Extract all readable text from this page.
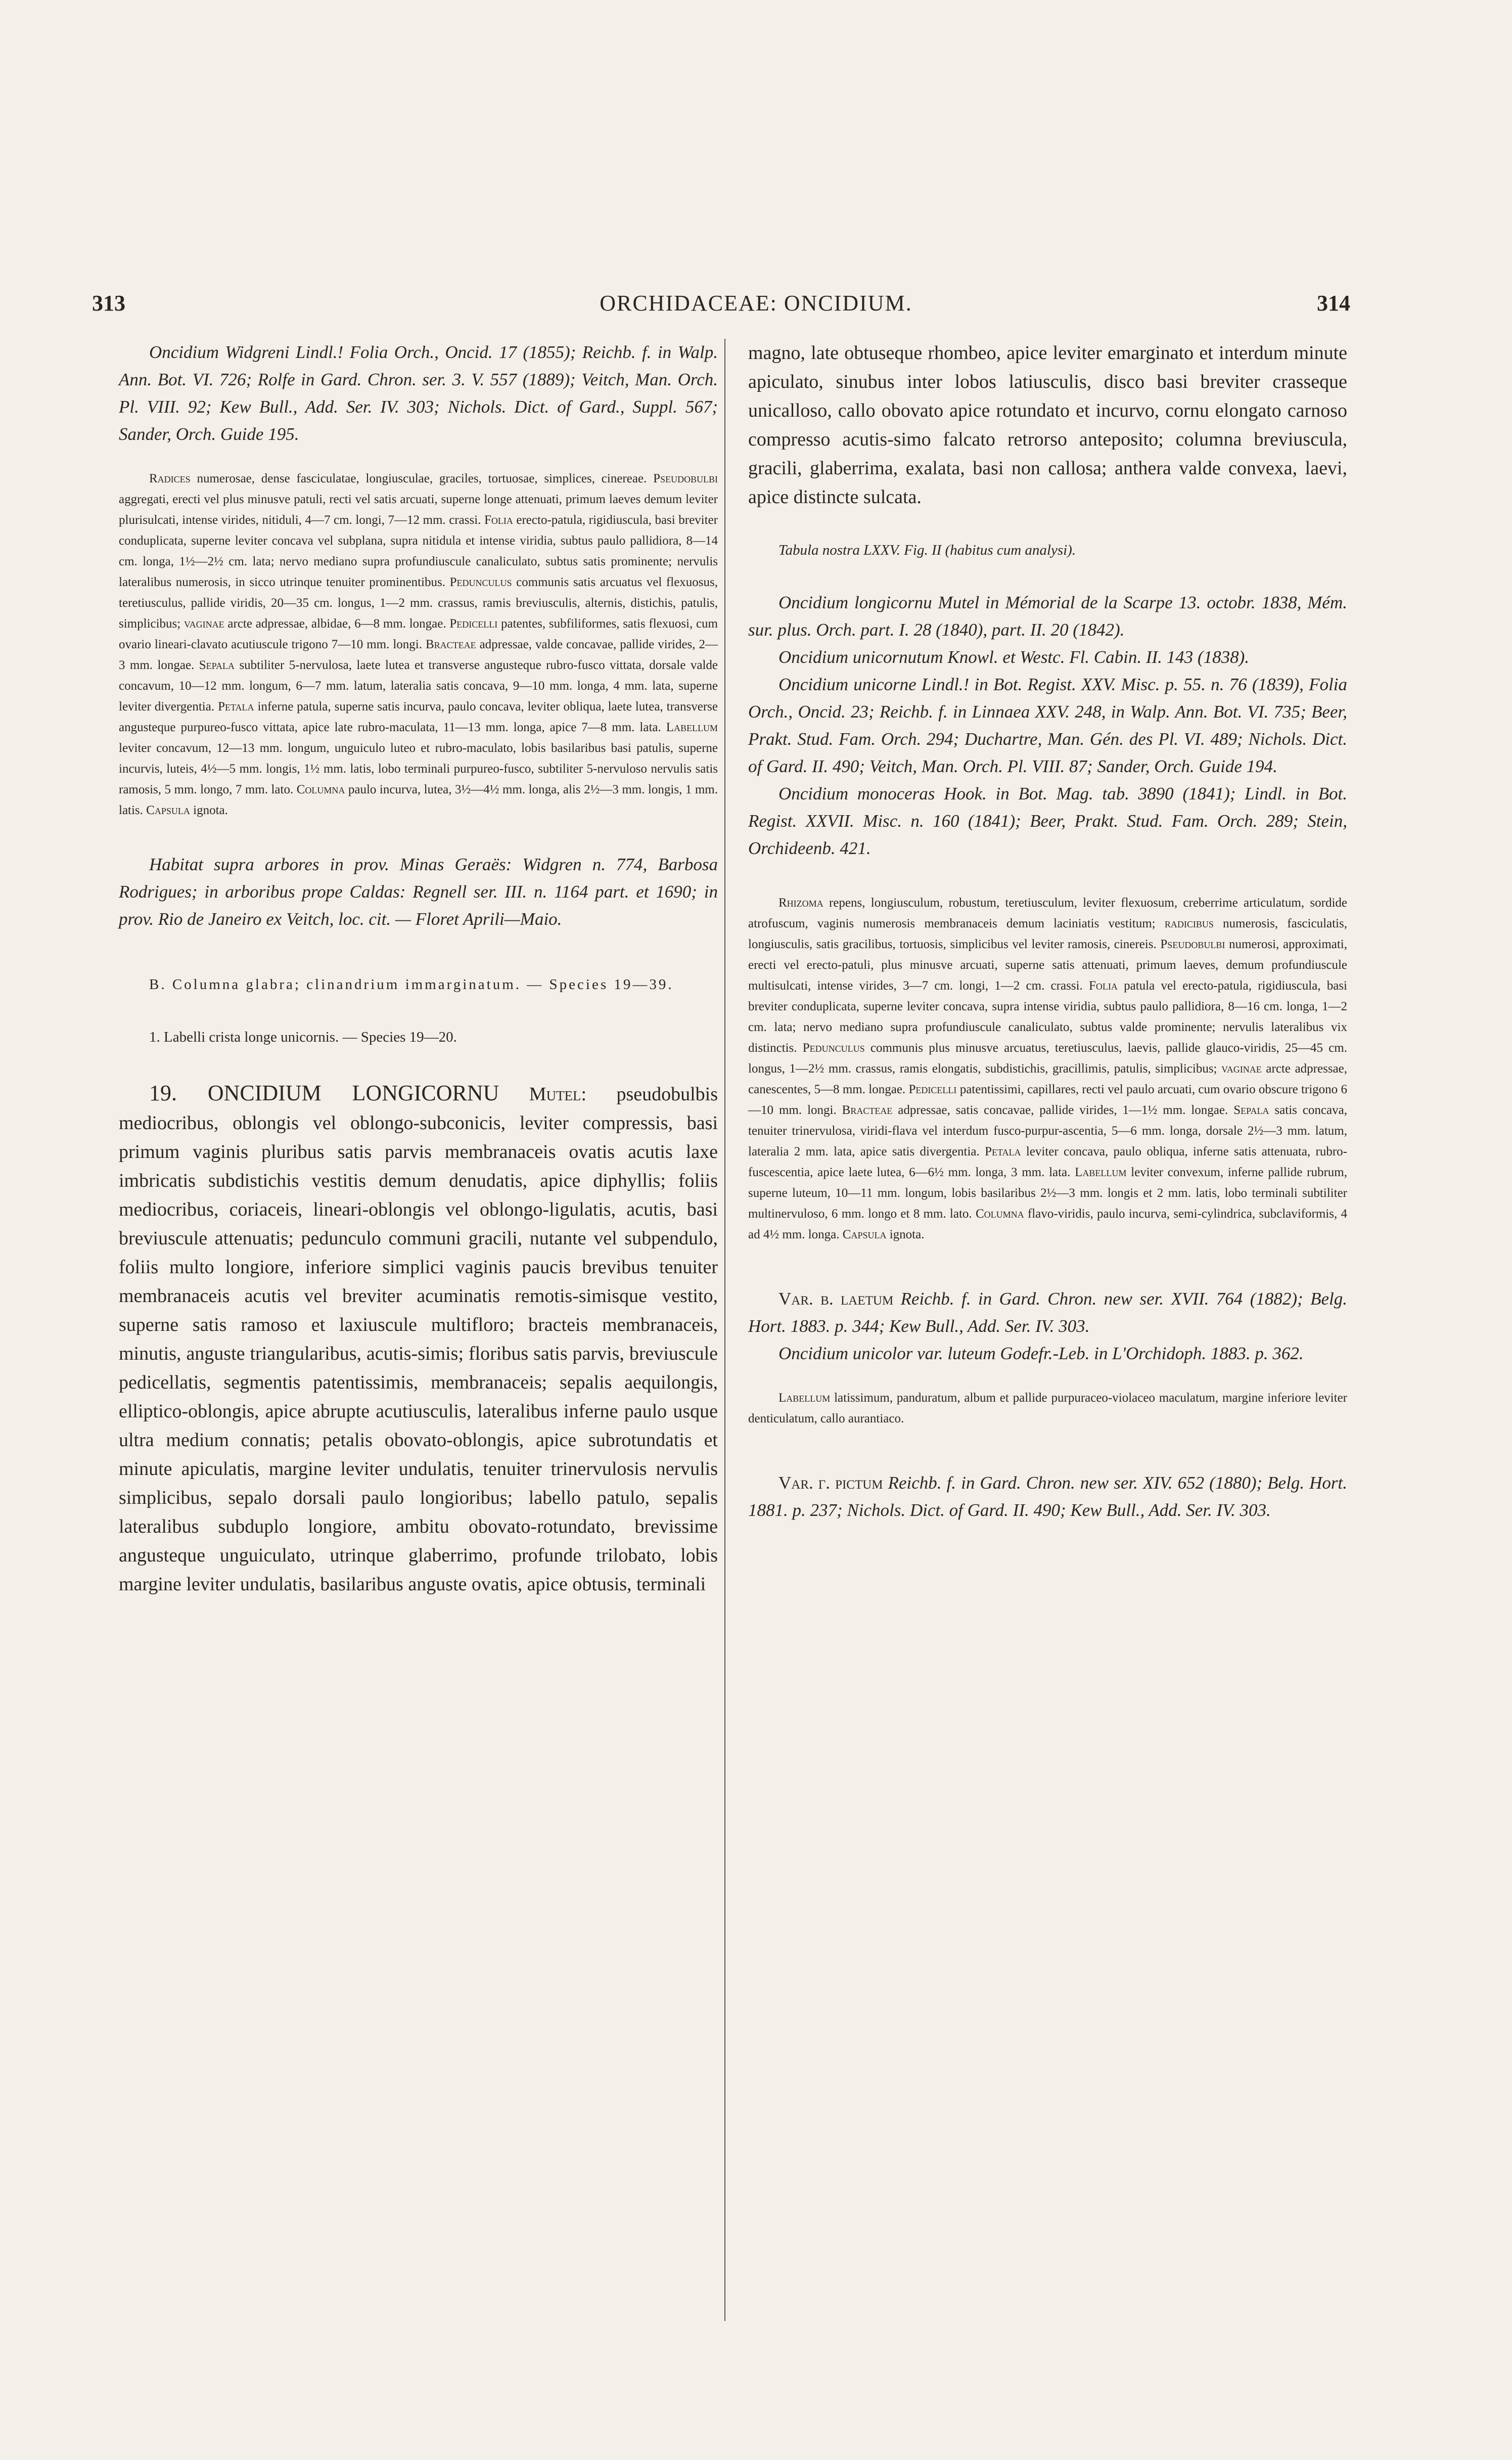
313	ORCHIDACEAE: ONCIDIUM.	314

Oncidium Widgreni Lindl.! Folia Orch., Oncid. 17 (1855); Reichb. f. in Walp. Ann. Bot. VI. 726; Rolfe in Gard. Chron. ser. 3. V. 557 (1889); Veitch, Man. Orch. Pl. VIII. 92; Kew Bull., Add. Ser. IV. 303; Nichols. Dict. of Gard., Suppl. 567; Sander, Orch. Guide 195.

Radices numerosae, dense fasciculatae, longiusculae, graciles, tortuosae, simplices, cinereae. Pseudobulbi aggregati, erecti vel plus minusve patuli, recti vel satis arcuati, superne longe attenuati, primum laeves demum leviter plurisulcati, intense virides, nitiduli, 4—7 cm. longi, 7—12 mm. crassi. Folia erecto-patula, rigidiuscula, basi breviter conduplicata, superne leviter concava vel subplana, supra nitidula et intense viridia, subtus paulo pallidiora, 8—14 cm. longa, 1½—2½ cm. lata; nervo mediano supra profundiuscule canaliculato, subtus satis prominente; nervulis lateralibus numerosis, in sicco utrinque tenuiter prominentibus. Pedunculus communis satis arcuatus vel flexuosus, teretiusculus, pallide viridis, 20—35 cm. longus, 1—2 mm. crassus, ramis breviusculis, alternis, distichis, patulis, simplicibus; vaginae arcte adpressae, albidae, 6—8 mm. longae. Pedicelli patentes, subfiliformes, satis flexuosi, cum ovario lineari-clavato acutiuscule trigono 7—10 mm. longi. Bracteae adpressae, valde concavae, pallide virides, 2—3 mm. longae. Sepala subtiliter 5-nervulosa, laete lutea et transverse angusteque rubro-fusco vittata, dorsale valde concavum, 10—12 mm. longum, 6—7 mm. latum, lateralia satis concava, 9—10 mm. longa, 4 mm. lata, superne leviter divergentia. Petala inferne patula, superne satis incurva, paulo concava, leviter obliqua, laete lutea, transverse angusteque purpureo-fusco vittata, apice late rubro-maculata, 11—13 mm. longa, apice 7—8 mm. lata. Labellum leviter concavum, 12—13 mm. longum, unguiculo luteo et rubro-maculato, lobis basilaribus basi patulis, superne incurvis, luteis, 4½—5 mm. longis, 1½ mm. latis, lobo terminali purpureo-fusco, subtiliter 5-nervuloso nervulis satis ramosis, 5 mm. longo, 7 mm. lato. Columna paulo incurva, lutea, 3½—4½ mm. longa, alis 2½—3 mm. longis, 1 mm. latis. Capsula ignota.

Habitat supra arbores in prov. Minas Geraës: Widgren n. 774, Barbosa Rodrigues; in arboribus prope Caldas: Regnell ser. III. n. 1164 part. et 1690; in prov. Rio de Janeiro ex Veitch, loc. cit. — Floret Aprili—Maio.

B. Columna glabra; clinandrium immarginatum. — Species 19—39.

1. Labelli crista longe unicornis. — Species 19—20.

19. ONCIDIUM LONGICORNU Mutel: pseudobulbis mediocribus, oblongis vel oblongo-subconicis, leviter compressis, basi primum vaginis pluribus satis parvis membranaceis ovatis acutis laxe imbricatis subdistichis vestitis demum denudatis, apice diphyllis; foliis mediocribus, coriaceis, lineari-oblongis vel oblongo-ligulatis, acutis, basi breviuscule attenuatis; pedunculo communi gracili, nutante vel subpendulo, foliis multo longiore, inferiore simplici vaginis paucis brevibus tenuiter membranaceis acutis vel breviter acuminatis remotis-simisque vestito, superne satis ramoso et laxiuscule multifloro; bracteis membranaceis, minutis, anguste triangularibus, acutis-simis; floribus satis parvis, breviuscule pedicellatis, segmentis patentissimis, membranaceis; sepalis aequilongis, elliptico-oblongis, apice abrupte acutiusculis, lateralibus inferne paulo usque ultra medium connatis; petalis obovato-oblongis, apice subrotundatis et minute apiculatis, margine leviter undulatis, tenuiter trinervulosis nervulis simplicibus, sepalo dorsali paulo longioribus; labello patulo, sepalis lateralibus subduplo longiore, ambitu obovato-rotundato, brevissime angusteque unguiculato, utrinque glaberrimo, profunde trilobato, lobis margine leviter undulatis, basilaribus anguste ovatis, apice obtusis, terminali

magno, late obtuseque rhombeo, apice leviter emarginato et interdum minute apiculato, sinubus inter lobos latiusculis, disco basi breviter crasseque unicalloso, callo obovato apice rotundato et incurvo, cornu elongato carnoso compresso acutis-simo falcato retrorso anteposito; columna breviuscula, gracili, glaberrima, exalata, basi non callosa; anthera valde convexa, laevi, apice distincte sulcata.

Tabula nostra LXXV. Fig. II (habitus cum analysi).

Oncidium longicornu Mutel in Mémorial de la Scarpe 13. octobr. 1838, Mém. sur. plus. Orch. part. I. 28 (1840), part. II. 20 (1842).

Oncidium unicornutum Knowl. et Westc. Fl. Cabin. II. 143 (1838).

Oncidium unicorne Lindl.! in Bot. Regist. XXV. Misc. p. 55. n. 76 (1839), Folia Orch., Oncid. 23; Reichb. f. in Linnaea XXV. 248, in Walp. Ann. Bot. VI. 735; Beer, Prakt. Stud. Fam. Orch. 294; Duchartre, Man. Gén. des Pl. VI. 489; Nichols. Dict. of Gard. II. 490; Veitch, Man. Orch. Pl. VIII. 87; Sander, Orch. Guide 194.

Oncidium monoceras Hook. in Bot. Mag. tab. 3890 (1841); Lindl. in Bot. Regist. XXVII. Misc. n. 160 (1841); Beer, Prakt. Stud. Fam. Orch. 289; Stein, Orchideenb. 421.

Rhizoma repens, longiusculum, robustum, teretiusculum, leviter flexuosum, creberrime articulatum, sordide atrofuscum, vaginis numerosis membranaceis demum laciniatis vestitum; radicibus numerosis, fasciculatis, longiusculis, satis gracilibus, tortuosis, simplicibus vel leviter ramosis, cinereis. Pseudobulbi numerosi, approximati, erecti vel erecto-patuli, plus minusve arcuati, superne satis attenuati, primum laeves, demum profundiuscule multisulcati, intense virides, 3—7 cm. longi, 1—2 cm. crassi. Folia patula vel erecto-patula, rigidiuscula, basi breviter conduplicata, superne leviter concava, supra intense viridia, subtus paulo pallidiora, 8—16 cm. longa, 1—2 cm. lata; nervo mediano supra profundiuscule canaliculato, subtus valde prominente; nervulis lateralibus vix distinctis. Pedunculus communis plus minusve arcuatus, teretiusculus, laevis, pallide glauco-viridis, 25—45 cm. longus, 1—2½ mm. crassus, ramis elongatis, subdistichis, gracillimis, patulis, simplicibus; vaginae arcte adpressae, canescentes, 5—8 mm. longae. Pedicelli patentissimi, capillares, recti vel paulo arcuati, cum ovario obscure trigono 6—10 mm. longi. Bracteae adpressae, satis concavae, pallide virides, 1—1½ mm. longae. Sepala satis concava, tenuiter trinervulosa, viridi-flava vel interdum fusco-purpur-ascentia, 5—6 mm. longa, dorsale 2½—3 mm. latum, lateralia 2 mm. lata, apice satis divergentia. Petala leviter concava, paulo obliqua, inferne satis attenuata, rubro-fuscescentia, apice laete lutea, 6—6½ mm. longa, 3 mm. lata. Labellum leviter convexum, inferne pallide rubrum, superne luteum, 10—11 mm. longum, lobis basilaribus 2½—3 mm. longis et 2 mm. latis, lobo terminali subtiliter multinervuloso, 6 mm. longo et 8 mm. lato. Columna flavo-viridis, paulo incurva, semi-cylindrica, subclaviformis, 4 ad 4½ mm. longa. Capsula ignota.

Var. β. laetum Reichb. f. in Gard. Chron. new ser. XVII. 764 (1882); Belg. Hort. 1883. p. 344; Kew Bull., Add. Ser. IV. 303.

Oncidium unicolor var. luteum Godefr.-Leb. in L'Orchidoph. 1883. p. 362.

Labellum latissimum, panduratum, album et pallide purpuraceo-violaceo maculatum, margine inferiore leviter denticulatum, callo aurantiaco.

Var. γ. pictum Reichb. f. in Gard. Chron. new ser. XIV. 652 (1880); Belg. Hort. 1881. p. 237; Nichols. Dict. of Gard. II. 490; Kew Bull., Add. Ser. IV. 303.
